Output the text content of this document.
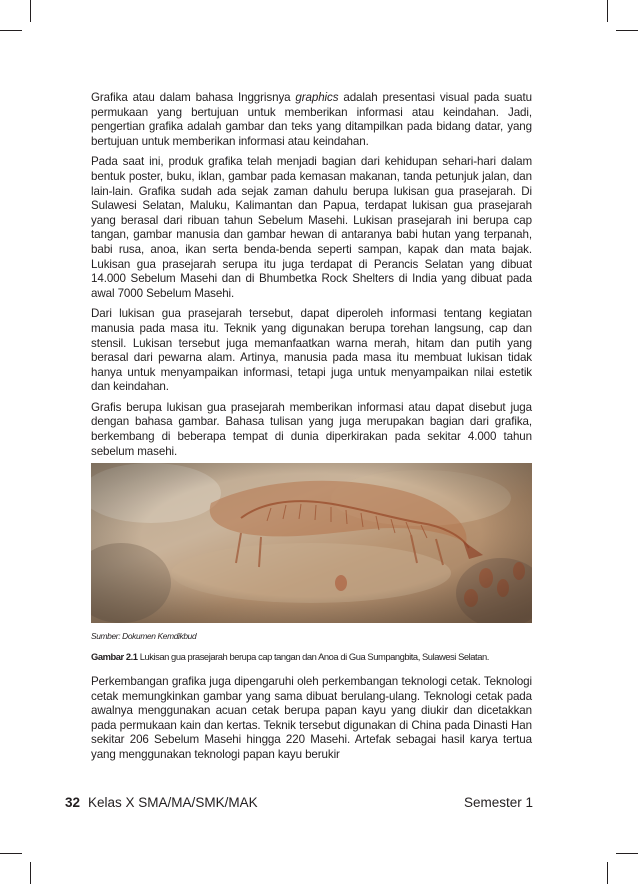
Grafika atau dalam bahasa Inggrisnya graphics adalah presentasi visual pada suatu permukaan yang bertujuan untuk memberikan informasi atau keindahan. Jadi, pengertian grafika adalah gambar dan teks yang ditampilkan pada bidang datar, yang bertujuan untuk memberikan informasi atau keindahan.

Pada saat ini, produk grafika telah menjadi bagian dari kehidupan sehari-hari dalam bentuk poster, buku, iklan, gambar pada kemasan makanan, tanda petunjuk jalan, dan lain-lain. Grafika sudah ada sejak zaman dahulu berupa lukisan gua prasejarah. Di Sulawesi Selatan, Maluku, Kalimantan dan Papua, terdapat lukisan gua prasejarah yang berasal dari ribuan tahun Sebelum Masehi. Lukisan prasejarah ini berupa cap tangan, gambar manusia dan gambar hewan di antaranya babi hutan yang terpanah, babi rusa, anoa, ikan serta benda-benda seperti sampan, kapak dan mata bajak. Lukisan gua prasejarah serupa itu juga terdapat di Perancis Selatan yang dibuat 14.000 Sebelum Masehi dan di Bhumbetka Rock Shelters di India yang dibuat pada awal 7000 Sebelum Masehi.

Dari lukisan gua prasejarah tersebut, dapat diperoleh informasi tentang kegiatan manusia pada masa itu. Teknik yang digunakan berupa torehan langsung, cap dan stensil. Lukisan tersebut juga memanfaatkan warna merah, hitam dan putih yang berasal dari pewarna alam. Artinya, manusia pada masa itu membuat lukisan tidak hanya untuk menyampaikan informasi, tetapi juga untuk menyampaikan nilai estetik dan keindahan.

Grafis berupa lukisan gua prasejarah memberikan informasi atau dapat disebut juga dengan bahasa gambar. Bahasa tulisan yang juga merupakan bagian dari grafika, berkembang di beberapa tempat di dunia diperkirakan pada sekitar 4.000 tahun sebelum masehi.

Sumber: Dokumen Kemdikbud
Gambar 2.1 Lukisan gua prasejarah berupa cap tangan dan Anoa di Gua Sumpangbita, Sulawesi Selatan.

Perkembangan grafika juga dipengaruhi oleh perkembangan teknologi cetak. Teknologi cetak memungkinkan gambar yang sama dibuat berulang-ulang. Teknologi cetak pada awalnya menggunakan acuan cetak berupa papan kayu yang diukir dan dicetakkan pada permukaan kain dan kertas. Teknik tersebut digunakan di China pada Dinasti Han sekitar 206 Sebelum Masehi hingga 220 Masehi. Artefak sebagai hasil karya tertua yang menggunakan teknologi papan kayu berukir

32 Kelas X SMA/MA/SMK/MAK	Semester 1
